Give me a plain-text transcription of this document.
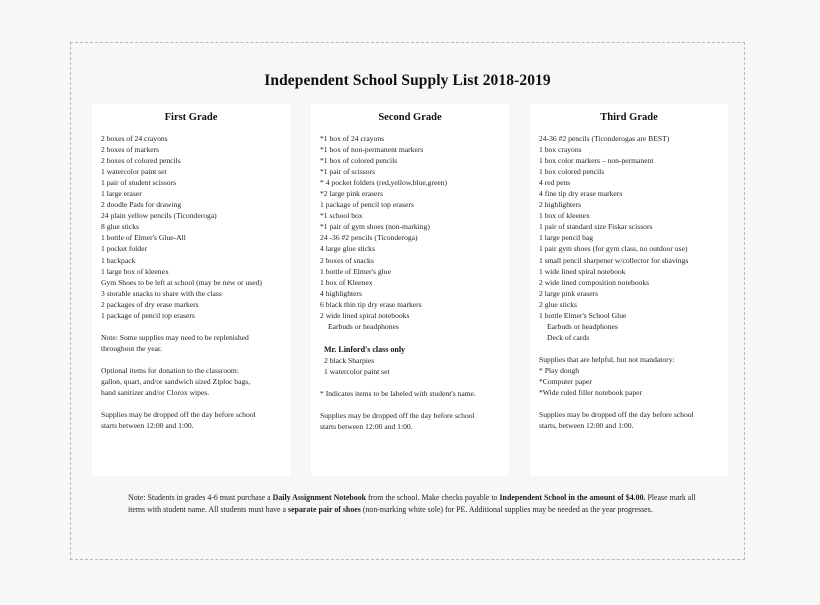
Independent School Supply List 2018-2019
First Grade
2 boxes of 24 crayons
2 boxes of markers
2 boxes of colored pencils
1 watercolor paint set
1 pair of student scissors
1 large eraser
2 doodle Pads for drawing
24 plain yellow pencils (Ticonderoga)
8 glue sticks
1 bottle of Elmer's Glue-All
1 pocket folder
1 backpack
1 large box of kleenex
Gym Shoes to be left at school (may be new or used)
3 storable snacks to share with the class
2 packages of dry erase markers
1 package of pencil top erasers

Note: Some supplies may need to be replenished

throughout the year.

Optional items for donation to the classroom:

gallon, quart, and/or sandwich sized Ziploc bags,

hand sanitizer and/or Clorox wipes.

Supplies may be dropped off the day before school

starts between 12:00 and 1:00.

Second Grade
*1 box of 24 crayons
*1 box of non-permanent markers
*1 box of colored pencils
*1 pair of scissors
* 4 pocket folders (red,yellow,blue,green)
*2 large pink erasers
1 package of pencil top erasers
*1 school box
*1 pair of gym shoes (non-marking)
24 -36 #2 pencils (Ticonderoga)
4 large glue sticks
2 boxes of snacks
1 bottle of Elmer's glue
1 box of Kleenex
4 highlighters
6 black thin tip dry erase markers
2 wide lined spiral notebooks
Earbuds or headphones
Mr. Linford's class only
2 black Sharpies
1 watercolor paint set

* Indicates items to be labeled with student's name.

Supplies may be dropped off the day before school

starts between 12:00 and 1:00.

Third Grade
24-36 #2 pencils (Ticonderogas are BEST)
1 box crayons
1 box color markers – non-permanent
1 box colored pencils
4 red pens
4 fine tip dry erase markers
2 highlighters
1 box of kleenex
1 pair of standard size Fiskar scissors
1 large pencil bag
1 pair gym shoes (for gym class, no outdoor use)
1 small pencil sharpener w/collector for shavings
1 wide lined spiral notebook
2 wide lined composition notebooks
2 large pink erasers
2 glue sticks
1 bottle Elmer's School Glue
Earbuds or headphones
Deck of cards

Supplies that are helpful, but not mandatory:

* Play dough

*Computer paper

*Wide ruled filler notebook paper

Supplies may be dropped off the day before school

starts, between 12:00 and 1:00.

Note: Students in grades 4-6 must purchase a Daily Assignment Notebook from the school. Make checks payable to Independent School in the amount of $4.00. Please mark all items with student name. All students must have a separate pair of shoes (non-marking white sole) for PE. Additional supplies may be needed as the year progresses.
